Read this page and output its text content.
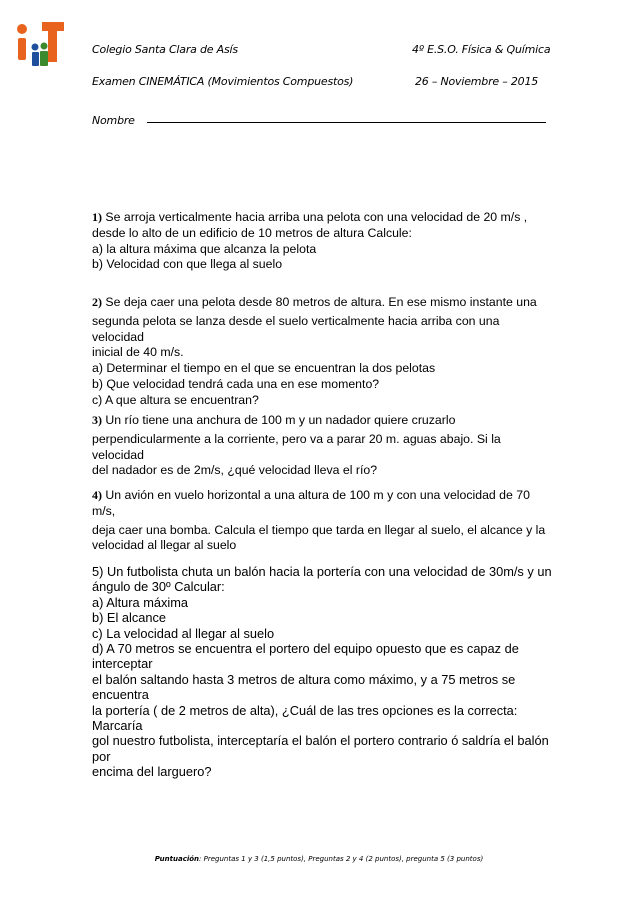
Colegio Santa Clara de Asís	4º E.S.O. Física & Química
Examen CINEMÁTICA (Movimientos Compuestos)	26 – Noviembre – 2015
Nombre

1) Se arroja verticalmente hacia arriba una pelota con una velocidad de 20 m/s ,

desde lo alto de un edificio de 10 metros de altura Calcule:

a) la altura máxima que alcanza la pelota

b) Velocidad con que llega al suelo

2) Se deja caer una pelota desde 80 metros de altura. En ese mismo instante una

segunda pelota se lanza desde el suelo verticalmente hacia arriba con una velocidad

inicial de 40 m/s.

a) Determinar el tiempo en el que se encuentran la dos pelotas

b) Que velocidad tendrá cada una en ese momento?

c) A que altura se encuentran?

3) Un río tiene una anchura de 100 m y un nadador quiere cruzarlo

perpendicularmente a la corriente, pero va a parar 20 m. aguas abajo. Si la velocidad

del nadador es de 2m/s, ¿qué velocidad lleva el río?

4) Un avión en vuelo horizontal a una altura de 100 m y con una velocidad de 70 m/s,

deja caer una bomba. Calcula el tiempo que tarda en llegar al suelo, el alcance y la

velocidad al llegar al suelo

5) Un futbolista chuta un balón hacia la portería con una velocidad de 30m/s y un

ángulo de 30º Calcular:

a) Altura máxima

b) El alcance

c) La velocidad al llegar al suelo

d) A 70 metros se encuentra el portero del equipo opuesto que es capaz de interceptar

el balón saltando hasta 3 metros de altura como máximo, y a 75 metros se encuentra

la portería ( de 2 metros de alta), ¿Cuál de las tres opciones es la correcta: Marcaría

gol nuestro futbolista, interceptaría el balón el portero contrario ó saldría el balón por

encima del larguero?

Puntuación: Preguntas 1 y 3 (1,5 puntos), Preguntas 2 y 4 (2 puntos), pregunta 5 (3 puntos)
